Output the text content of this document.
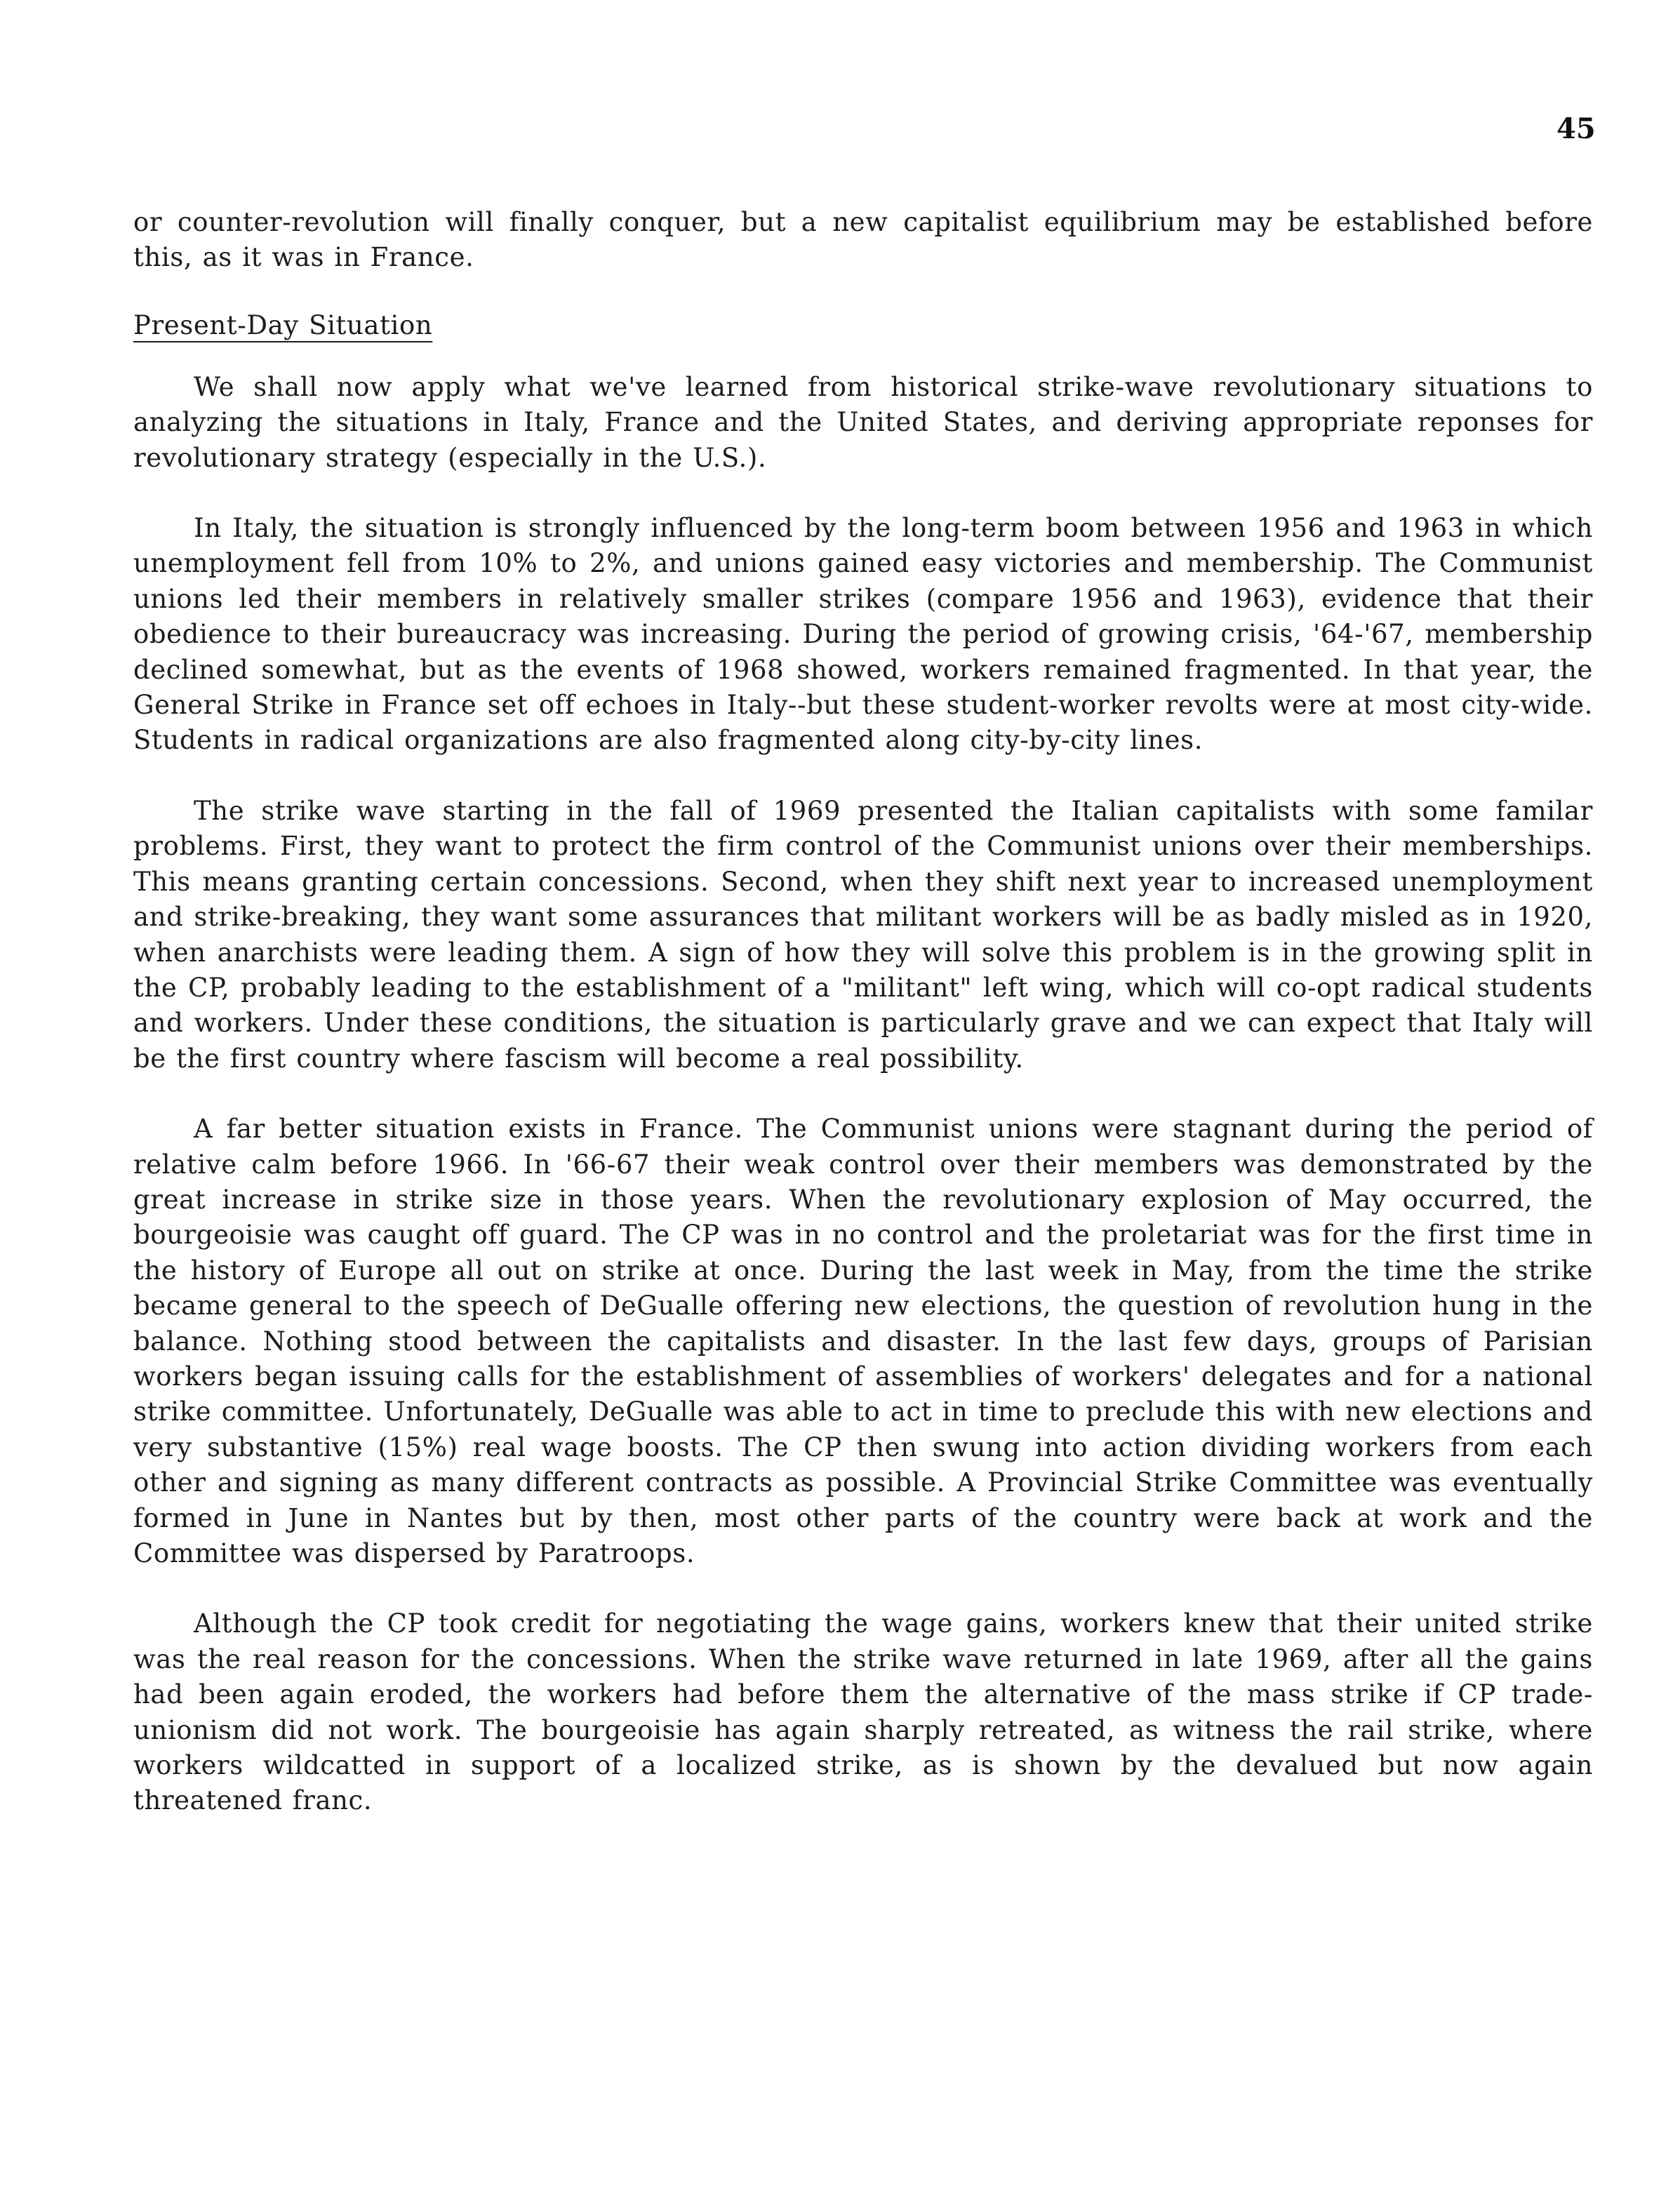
45

or counter-revolution will finally conquer, but a new capitalist equilibrium may be established before this, as it was in France.

Present-Day Situation

We shall now apply what we've learned from historical strike-wave revolutionary situations to analyzing the situations in Italy, France and the United States, and deriving appropriate reponses for revolutionary strategy (especially in the U.S.).

In Italy, the situation is strongly influenced by the long-term boom between 1956 and 1963 in which unemployment fell from 10% to 2%, and unions gained easy victories and membership. The Communist unions led their members in relatively smaller strikes (compare 1956 and 1963), evidence that their obedience to their bureaucracy was increasing. During the period of growing crisis, '64-'67, membership declined somewhat, but as the events of 1968 showed, workers remained fragmented. In that year, the General Strike in France set off echoes in Italy--but these student-worker revolts were at most city-wide. Students in radical organizations are also fragmented along city-by-city lines.

The strike wave starting in the fall of 1969 presented the Italian capitalists with some familar problems. First, they want to protect the firm control of the Communist unions over their memberships. This means granting certain concessions. Second, when they shift next year to increased unemployment and strike-breaking, they want some assurances that militant workers will be as badly misled as in 1920, when anarchists were leading them. A sign of how they will solve this problem is in the growing split in the CP, probably leading to the establishment of a "militant" left wing, which will co-opt radical students and workers. Under these conditions, the situation is particularly grave and we can expect that Italy will be the first country where fascism will become a real possibility.

A far better situation exists in France. The Communist unions were stagnant during the period of relative calm before 1966. In '66-67 their weak control over their members was demonstrated by the great increase in strike size in those years. When the revolutionary explosion of May occurred, the bourgeoisie was caught off guard. The CP was in no control and the proletariat was for the first time in the history of Europe all out on strike at once. During the last week in May, from the time the strike became general to the speech of DeGualle offering new elections, the question of revolution hung in the balance. Nothing stood between the capitalists and disaster. In the last few days, groups of Parisian workers began issuing calls for the establishment of assemblies of workers' delegates and for a national strike committee. Unfortunately, DeGualle was able to act in time to preclude this with new elections and very substantive (15%) real wage boosts. The CP then swung into action dividing workers from each other and signing as many different contracts as possible. A Provincial Strike Committee was eventually formed in June in Nantes but by then, most other parts of the country were back at work and the Committee was dispersed by Paratroops.

Although the CP took credit for negotiating the wage gains, workers knew that their united strike was the real reason for the concessions. When the strike wave returned in late 1969, after all the gains had been again eroded, the workers had before them the alternative of the mass strike if CP trade-unionism did not work. The bourgeoisie has again sharply retreated, as witness the rail strike, where workers wildcatted in support of a localized strike, as is shown by the devalued but now again threatened franc.
